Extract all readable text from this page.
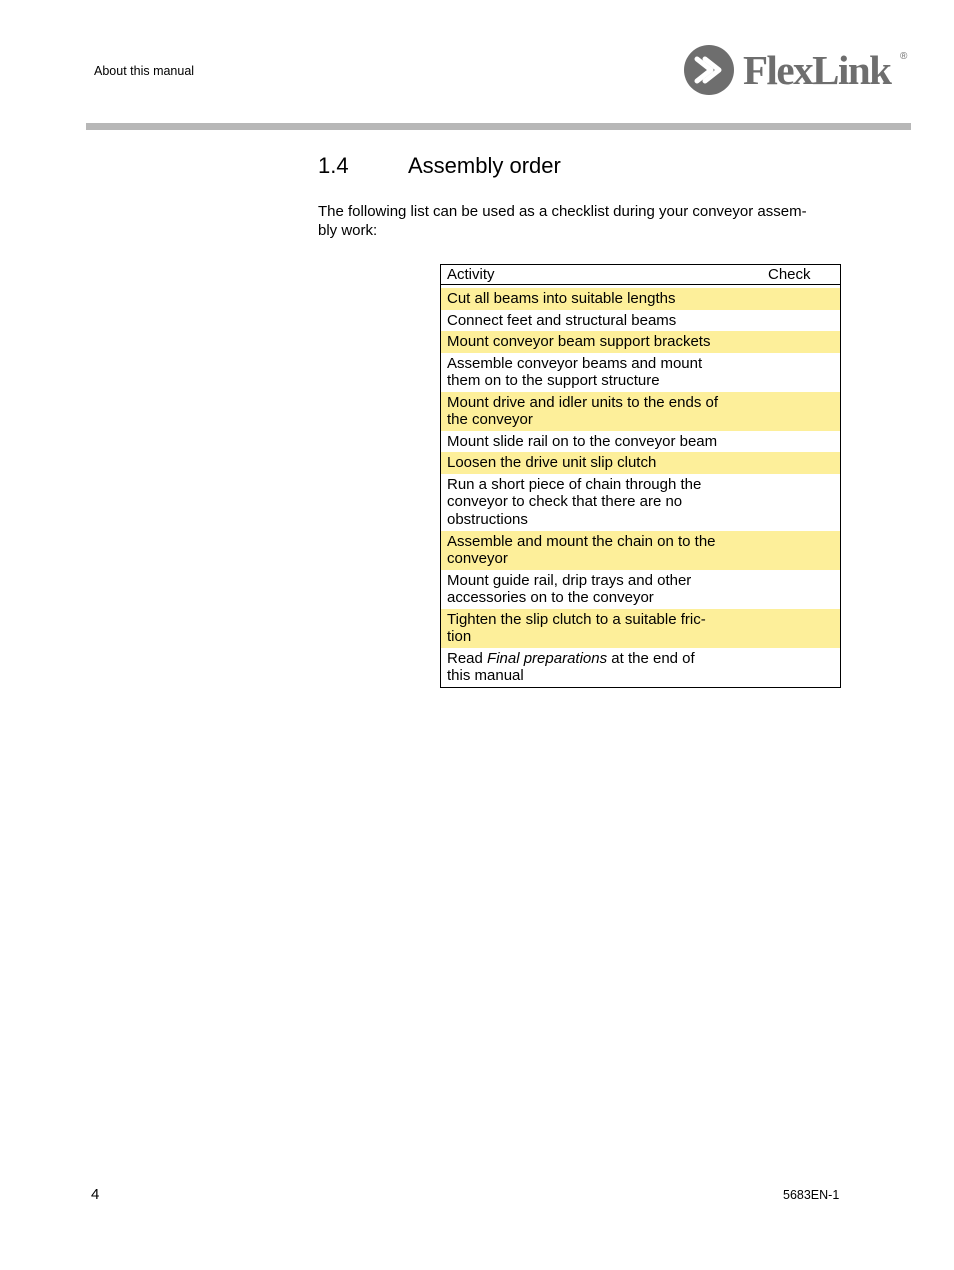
About this manual	FlexLink ®
1.4	Assembly order
The following list can be used as a checklist during your conveyor assem-
bly work:
Activity	Check
Cut all beams into suitable lengths
Connect feet and structural beams
Mount conveyor beam support brackets
Assemble conveyor beams and mount
them on to the support structure
Mount drive and idler units to the ends of
the conveyor
Mount slide rail on to the conveyor beam
Loosen the drive unit slip clutch
Run a short piece of chain through the
conveyor to check that there are no
obstructions
Assemble and mount the chain on to the
conveyor
Mount guide rail, drip trays and other
accessories on to the conveyor
Tighten the slip clutch to a suitable fric-
tion
Read Final preparations at the end of
this manual
4	5683EN-1
